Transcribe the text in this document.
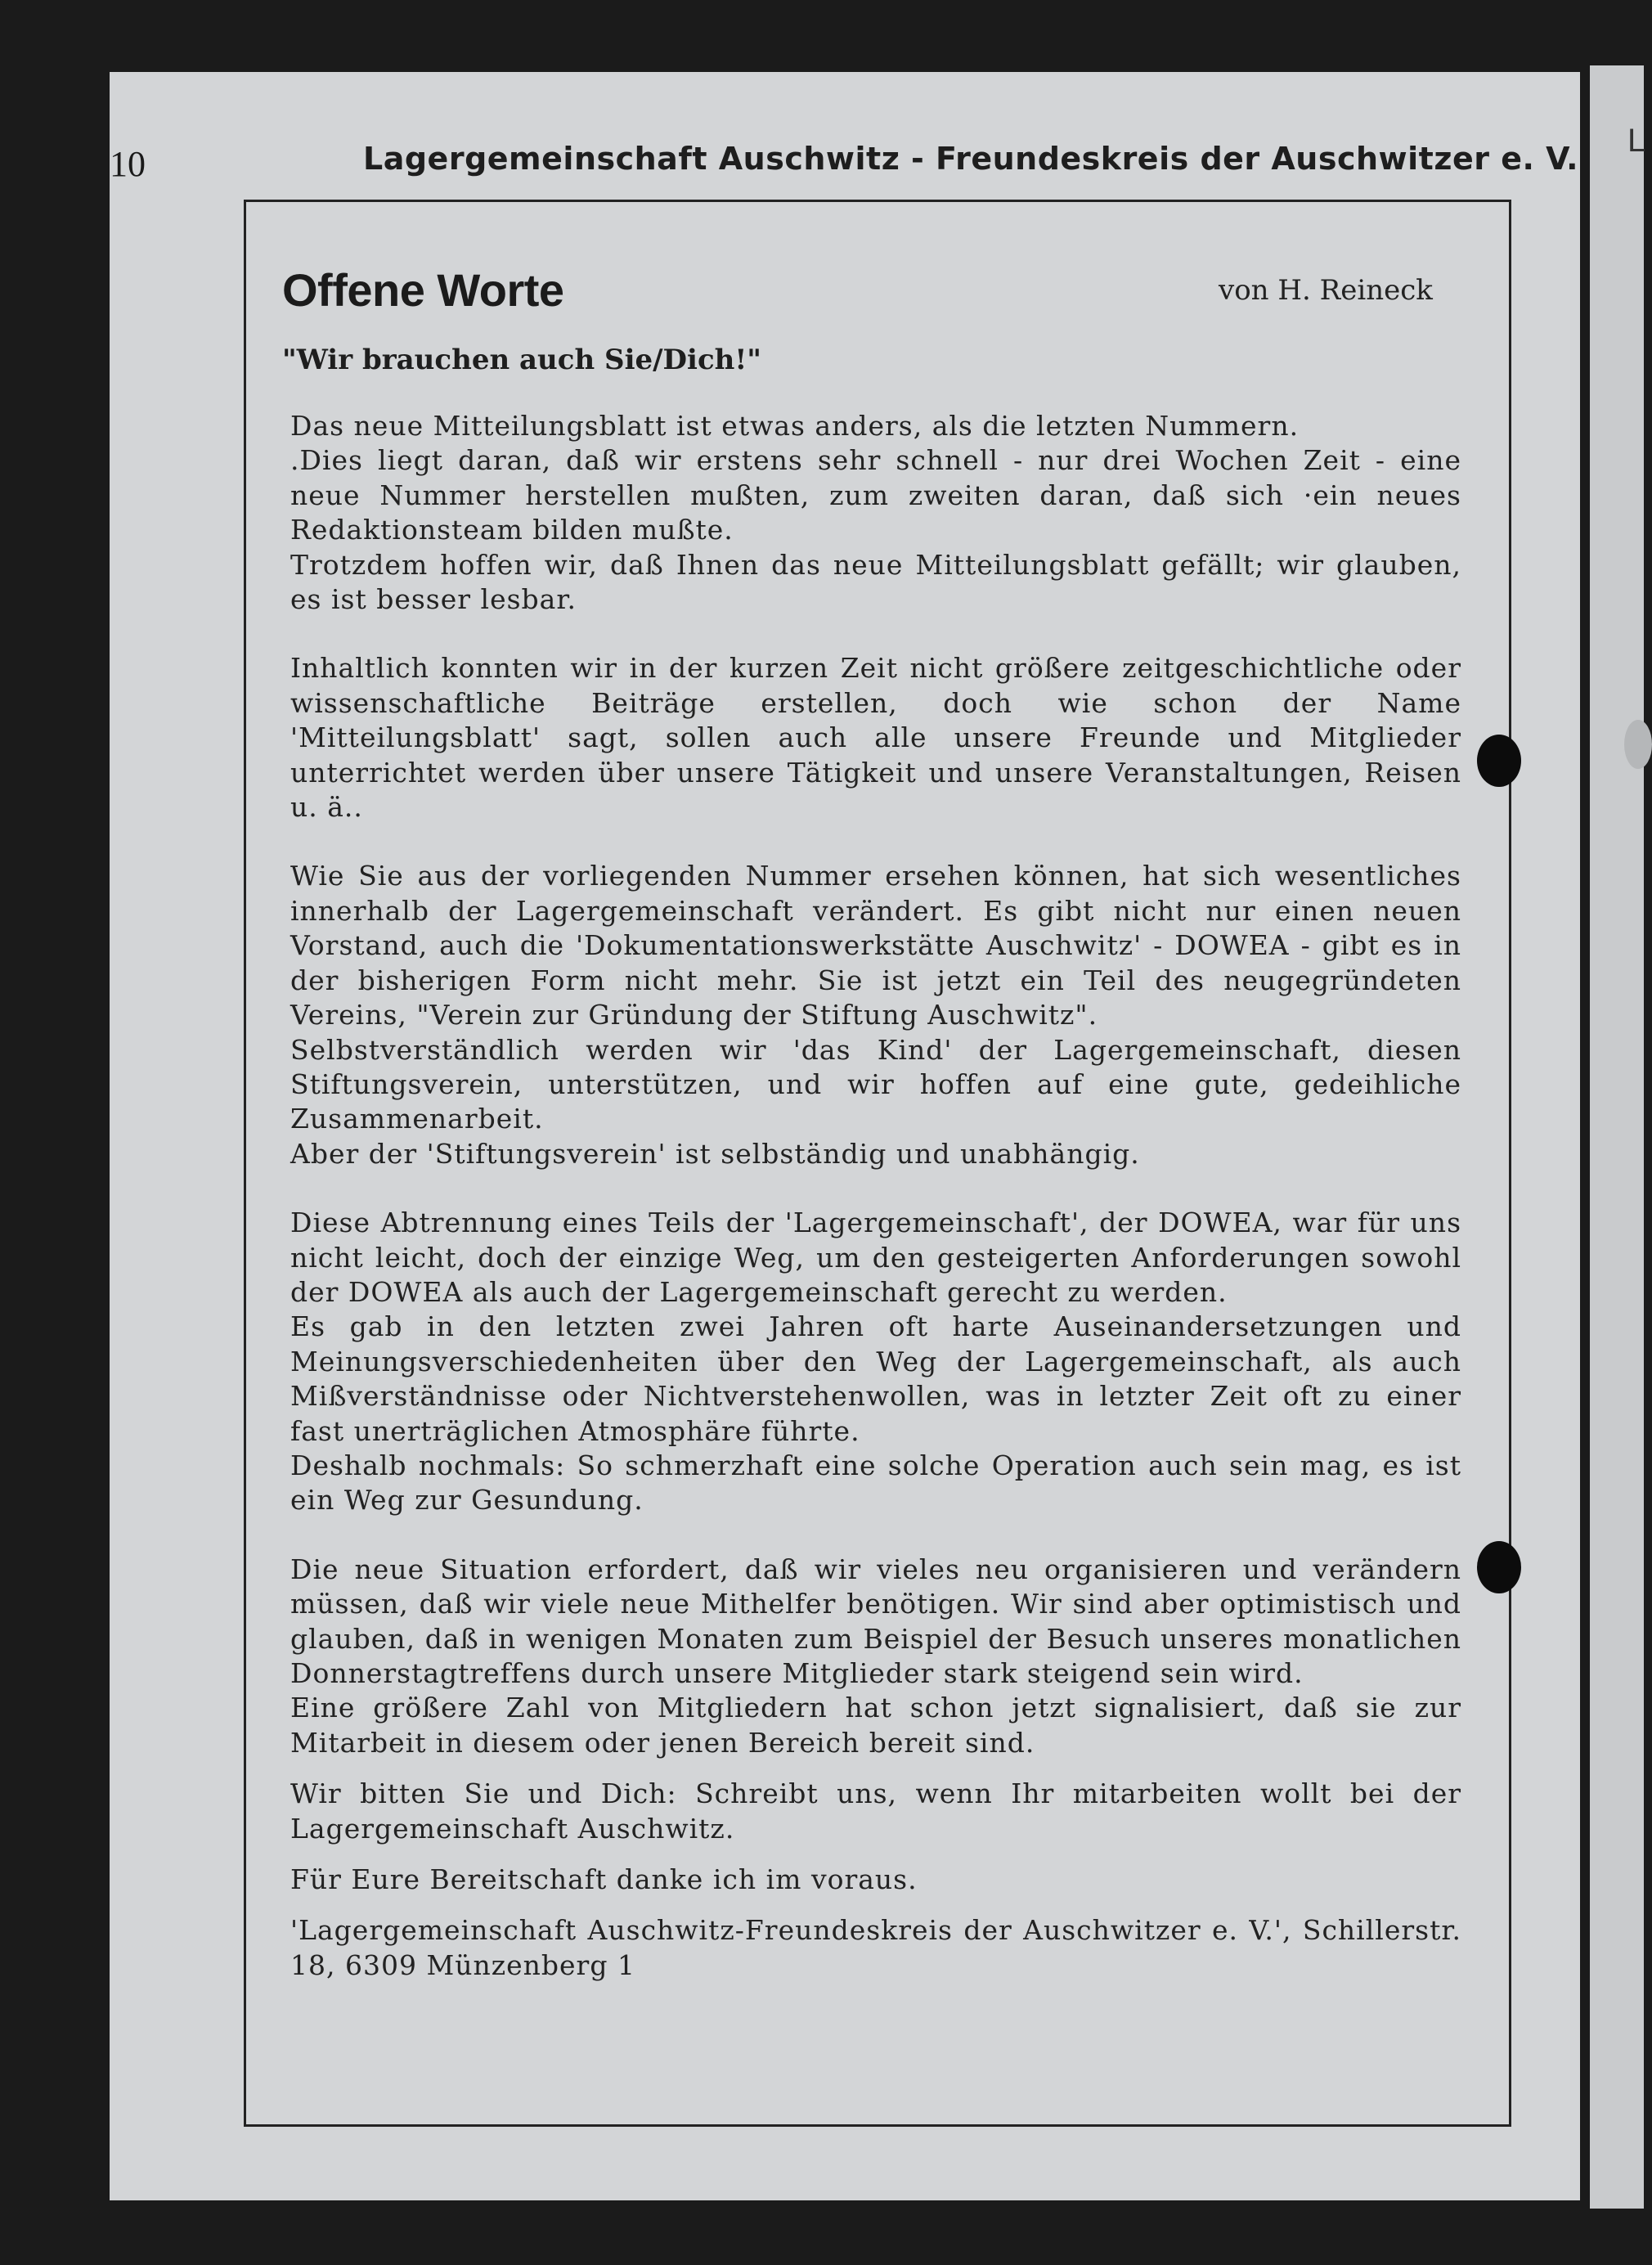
L
10	Lagergemeinschaft Auschwitz - Freundeskreis der Auschwitzer e. V.
Offene Worte	von H. Reineck
"Wir brauchen auch Sie/Dich!"

Das neue Mitteilungsblatt ist etwas anders, als die letzten Nummern.

.Dies liegt daran, daß wir erstens sehr schnell - nur drei Wochen Zeit - eine neue Nummer herstellen mußten, zum zweiten daran, daß sich ·ein neues Redaktionsteam bilden mußte.

Trotzdem hoffen wir, daß Ihnen das neue Mitteilungsblatt gefällt; wir glauben, es ist besser lesbar.

Inhaltlich konnten wir in der kurzen Zeit nicht größere zeitgeschichtliche oder wissenschaftliche Beiträge erstellen, doch wie schon der Name 'Mitteilungsblatt' sagt, sollen auch alle unsere Freunde und Mitglieder unterrichtet werden über unsere Tätigkeit und unsere Veranstaltungen, Reisen u. ä..

Wie Sie aus der vorliegenden Nummer ersehen können, hat sich wesentliches innerhalb der Lagergemeinschaft verändert. Es gibt nicht nur einen neuen Vorstand, auch die 'Dokumentationswerkstätte Auschwitz' - DOWEA - gibt es in der bisherigen Form nicht mehr. Sie ist jetzt ein Teil des neugegründeten Vereins, "Verein zur Gründung der Stiftung Auschwitz".

Selbstverständlich werden wir 'das Kind' der Lagergemeinschaft, diesen Stiftungsverein, unterstützen, und wir hoffen auf eine gute, gedeihliche Zusammenarbeit.

Aber der 'Stiftungsverein' ist selbständig und unabhängig.

Diese Abtrennung eines Teils der 'Lagergemeinschaft', der DOWEA, war für uns nicht leicht, doch der einzige Weg, um den gesteigerten Anforderungen sowohl der DOWEA als auch der Lagergemeinschaft gerecht zu werden.

Es gab in den letzten zwei Jahren oft harte Auseinandersetzungen und Meinungsverschiedenheiten über den Weg der Lagergemeinschaft, als auch Mißverständnisse oder Nichtverstehenwollen, was in letzter Zeit oft zu einer fast unerträglichen Atmosphäre führte.

Deshalb nochmals: So schmerzhaft eine solche Operation auch sein mag, es ist ein Weg zur Gesundung.

Die neue Situation erfordert, daß wir vieles neu organisieren und verändern müssen, daß wir viele neue Mithelfer benötigen. Wir sind aber optimistisch und glauben, daß in wenigen Monaten zum Beispiel der Besuch unseres monatlichen Donnerstagtreffens durch unsere Mitglieder stark steigend sein wird.

Eine größere Zahl von Mitgliedern hat schon jetzt signalisiert, daß sie zur Mitarbeit in diesem oder jenen Bereich bereit sind.

Wir bitten Sie und Dich: Schreibt uns, wenn Ihr mitarbeiten wollt bei der Lagergemeinschaft Auschwitz.

Für Eure Bereitschaft danke ich im voraus.

'Lagergemeinschaft Auschwitz-Freundeskreis der Auschwitzer e. V.', Schillerstr. 18, 6309 Münzenberg 1
